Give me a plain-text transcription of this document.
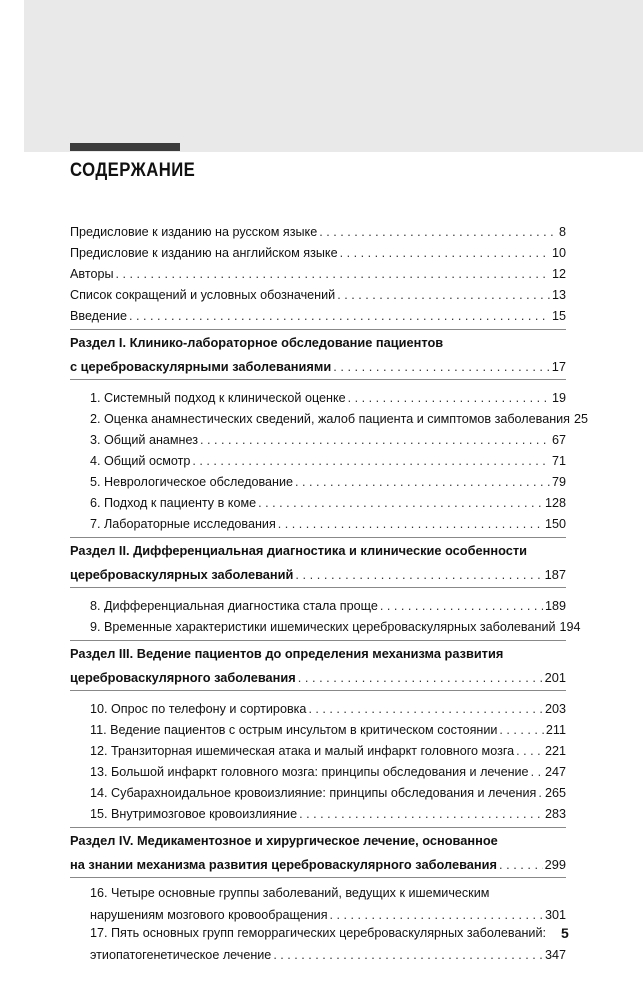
СОДЕРЖАНИЕ
Предисловие к изданию на русском языке . . .	8
Предисловие к изданию на английском языке . . .	10
Авторы . . .	12
Список сокращений и условных обозначений . . .	13
Введение . . .	15
Раздел I. Клинико-лабораторное обследование пациентов
с цереброваскулярными заболеваниями . . .	17
1. Системный подход к клинической оценке . . .	19
2. Оценка анамнестических сведений, жалоб пациента и симптомов заболевания 25
3. Общий анамнез . . .	67
4. Общий осмотр . . .	71
5. Неврологическое обследование . . .	79
6. Подход к пациенту в коме . . .	128
7. Лабораторные исследования . . .	150
Раздел II. Дифференциальная диагностика и клинические особенности
цереброваскулярных заболеваний . . .	187
8. Дифференциальная диагностика стала проще . . .	189
9. Временные характеристики ишемических цереброваскулярных заболеваний 194
Раздел III. Ведение пациентов до определения механизма развития
цереброваскулярного заболевания . . .	201
10. Опрос по телефону и сортировка . . .	203
11. Ведение пациентов с острым инсультом в критическом состоянии . . .	211
12. Транзиторная ишемическая атака и малый инфаркт головного мозга . . . 221
13. Большой инфаркт головного мозга: принципы обследования и лечение . . . 247
14. Субарахноидальное кровоизлияние: принципы обследования и лечения . . . 265
15. Внутримозговое кровоизлияние . . .	283
Раздел IV. Медикаментозное и хирургическое лечение, основанное
на знании механизма развития цереброваскулярного заболевания . . .	299
16. Четыре основные группы заболеваний, ведущих к ишемическим
нарушениям мозгового кровообращения . . .	301
17. Пять основных групп геморрагических цереброваскулярных заболеваний:
этиопатогенетическое лечение . . .	347
5
